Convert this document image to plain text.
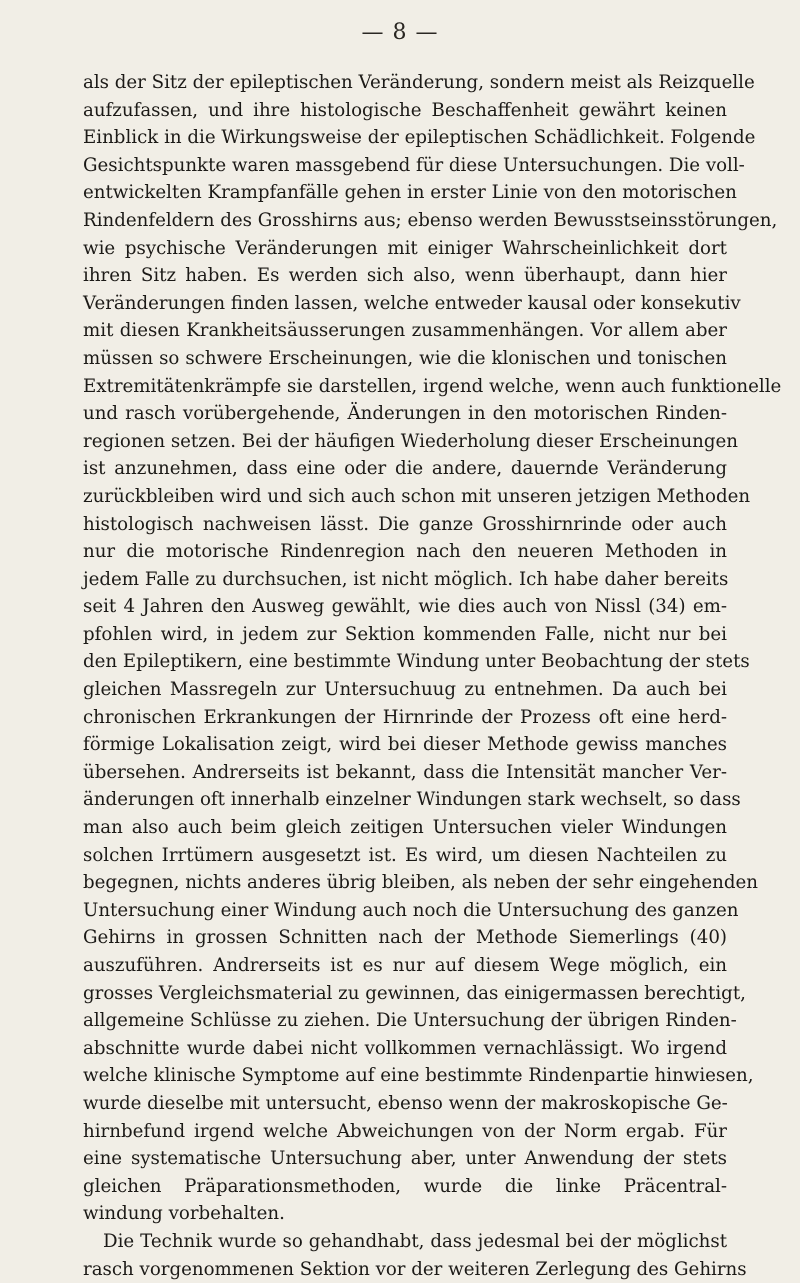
— 8 —
als der Sitz der epileptischen Veränderung, sondern meist als Reizquelle
aufzufassen, und ihre histologische Beschaffenheit gewährt keinen
Einblick in die Wirkungsweise der epileptischen Schädlichkeit. Folgende
Gesichtspunkte waren massgebend für diese Untersuchungen. Die voll-
entwickelten Krampfanfälle gehen in erster Linie von den motorischen
Rindenfeldern des Grosshirns aus; ebenso werden Bewusstseinsstörungen,
wie psychische Veränderungen mit einiger Wahrscheinlichkeit dort
ihren Sitz haben. Es werden sich also, wenn überhaupt, dann hier
Veränderungen finden lassen, welche entweder kausal oder konsekutiv
mit diesen Krankheitsäusserungen zusammenhängen. Vor allem aber
müssen so schwere Erscheinungen, wie die klonischen und tonischen
Extremitätenkrämpfe sie darstellen, irgend welche, wenn auch funktionelle
und rasch vorübergehende, Änderungen in den motorischen Rinden-
regionen setzen. Bei der häufigen Wiederholung dieser Erscheinungen
ist anzunehmen, dass eine oder die andere, dauernde Veränderung
zurückbleiben wird und sich auch schon mit unseren jetzigen Methoden
histologisch nachweisen lässt. Die ganze Grosshirnrinde oder auch
nur die motorische Rindenregion nach den neueren Methoden in
jedem Falle zu durchsuchen, ist nicht möglich. Ich habe daher bereits
seit 4 Jahren den Ausweg gewählt, wie dies auch von Nissl (34) em-
pfohlen wird, in jedem zur Sektion kommenden Falle, nicht nur bei
den Epileptikern, eine bestimmte Windung unter Beobachtung der stets
gleichen Massregeln zur Untersuchuug zu entnehmen. Da auch bei
chronischen Erkrankungen der Hirnrinde der Prozess oft eine herd-
förmige Lokalisation zeigt, wird bei dieser Methode gewiss manches
übersehen. Andrerseits ist bekannt, dass die Intensität mancher Ver-
änderungen oft innerhalb einzelner Windungen stark wechselt, so dass
man also auch beim gleich zeitigen Untersuchen vieler Windungen
solchen Irrtümern ausgesetzt ist. Es wird, um diesen Nachteilen zu
begegnen, nichts anderes übrig bleiben, als neben der sehr eingehenden
Untersuchung einer Windung auch noch die Untersuchung des ganzen
Gehirns in grossen Schnitten nach der Methode Siemerlings (40)
auszuführen. Andrerseits ist es nur auf diesem Wege möglich, ein
grosses Vergleichsmaterial zu gewinnen, das einigermassen berechtigt,
allgemeine Schlüsse zu ziehen. Die Untersuchung der übrigen Rinden-
abschnitte wurde dabei nicht vollkommen vernachlässigt. Wo irgend
welche klinische Symptome auf eine bestimmte Rindenpartie hinwiesen,
wurde dieselbe mit untersucht, ebenso wenn der makroskopische Ge-
hirnbefund irgend welche Abweichungen von der Norm ergab. Für
eine systematische Untersuchung aber, unter Anwendung der stets
gleichen Präparationsmethoden, wurde die linke Präcentral-
windung vorbehalten.
Die Technik wurde so gehandhabt, dass jedesmal bei der möglichst
rasch vorgenommenen Sektion vor der weiteren Zerlegung des Gehirns
